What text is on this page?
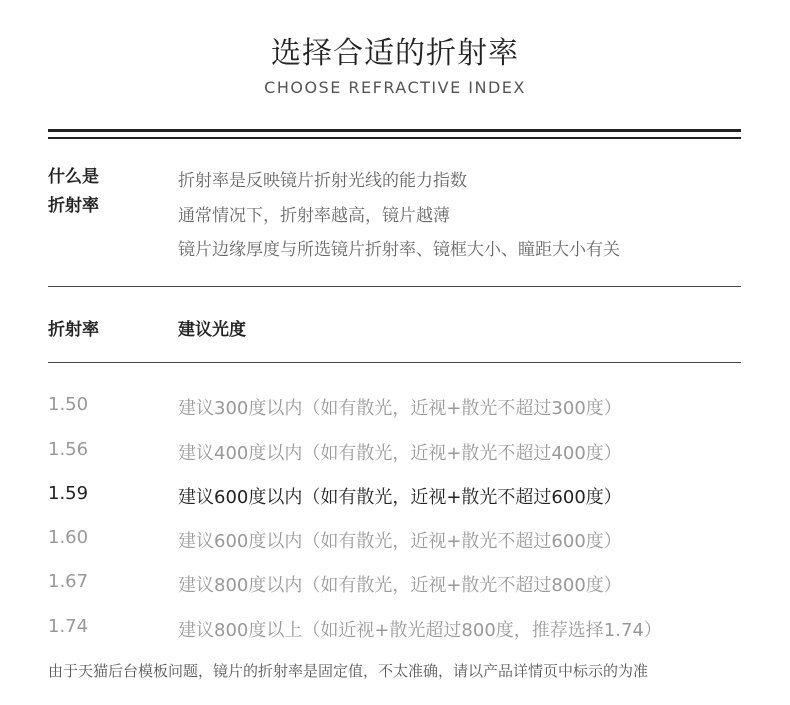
选择合适的折射率
CHOOSE REFRACTIVE INDEX
什么是
折射率
折射率是反映镜片折射光线的能力指数
通常情况下，折射率越高，镜片越薄
镜片边缘厚度与所选镜片折射率、镜框大小、瞳距大小有关
折射率	建议光度
1.50	建议300度以内（如有散光，近视+散光不超过300度）
1.56	建议400度以内（如有散光，近视+散光不超过400度）
1.59	建议600度以内（如有散光，近视+散光不超过600度）
1.60	建议600度以内（如有散光，近视+散光不超过600度）
1.67	建议800度以内（如有散光，近视+散光不超过800度）
1.74	建议800度以上（如近视+散光超过800度，推荐选择1.74）
由于天猫后台模板问题，镜片的折射率是固定值，不太准确，请以产品详情页中标示的为准
